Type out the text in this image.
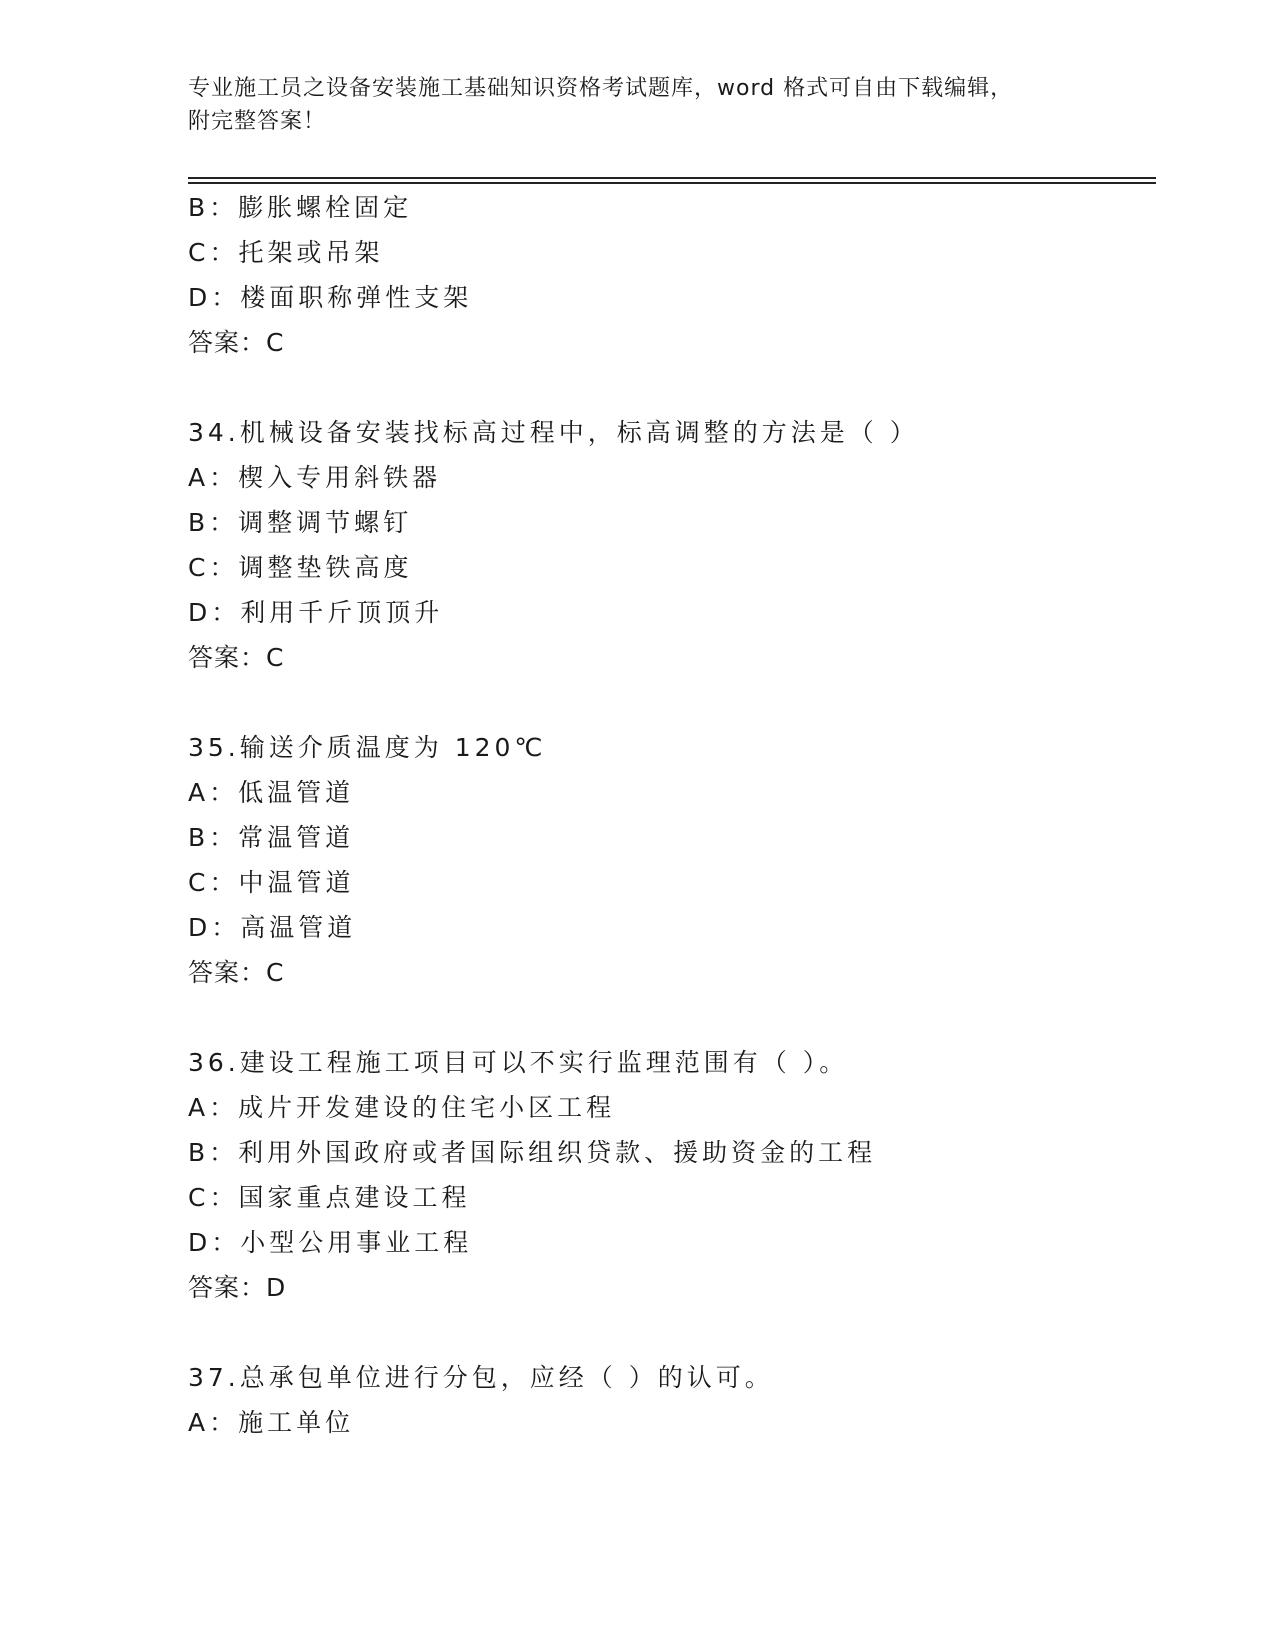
专业施工员之设备安装施工基础知识资格考试题库，word 格式可自由下载编辑，
附完整答案！
B：膨胀螺栓固定
C：托架或吊架
D：楼面职称弹性支架
答案：C
34.机械设备安装找标高过程中，标高调整的方法是（ ）
A：楔入专用斜铁器
B：调整调节螺钉
C：调整垫铁高度
D：利用千斤顶顶升
答案：C
35.输送介质温度为 120℃
A：低温管道
B：常温管道
C：中温管道
D：高温管道
答案：C
36.建设工程施工项目可以不实行监理范围有（ ）。
A：成片开发建设的住宅小区工程
B：利用外国政府或者国际组织贷款、援助资金的工程
C：国家重点建设工程
D：小型公用事业工程
答案：D
37.总承包单位进行分包，应经（ ）的认可。
A：施工单位
